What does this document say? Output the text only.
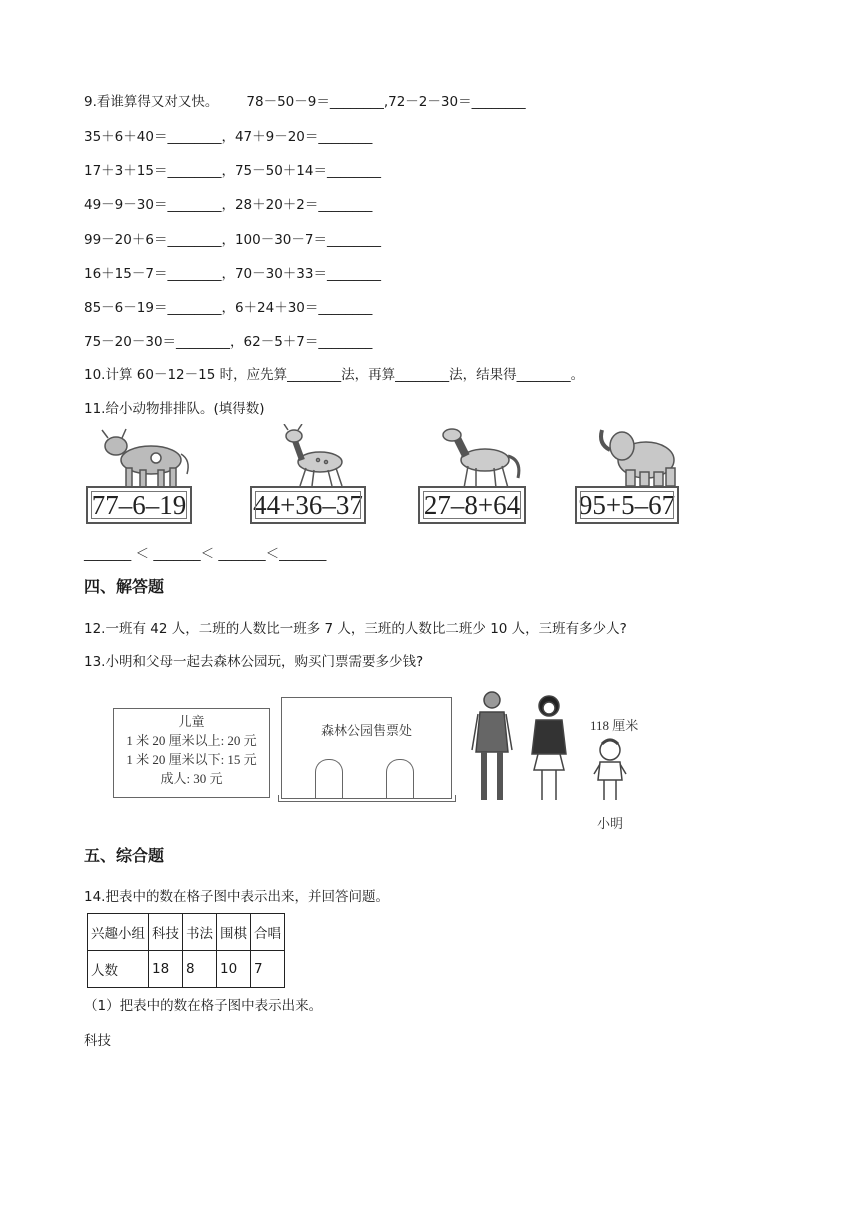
9.看谁算得又对又快。 78－50－9＝________,72－2－30＝________
35＋6＋40＝________，47＋9－20＝________
17＋3＋15＝________，75－50＋14＝________
49－9－30＝________，28＋20＋2＝________
99－20＋6＝________，100－30－7＝________
16＋15－7＝________，70－30＋33＝________
85－6－19＝________，6＋24＋30＝________
75－20－30＝________，62－5＋7＝________
10.计算 60－12－15 时，应先算________法，再算________法，结果得________。
11.给小动物排排队。(填得数)
77–6–19 44+36–37 27–8+64 95+5–67
_______ ＜ _______＜ _______＜_______
四、解答题
12.一班有 42 人，二班的人数比一班多 7 人，三班的人数比二班少 10 人，三班有多少人?
13.小明和父母一起去森林公园玩，购买门票需要多少钱?
儿童
1 米 20 厘米以上: 20 元
1 米 20 厘米以下: 15 元
成人: 30 元
森林公园售票处	118 厘米
小明
五、综合题
14.把表中的数在格子图中表示出来，并回答问题。
兴趣小组	科技	书法	围棋	合唱
人数	18	8	10	7
（1）把表中的数在格子图中表示出来。
科技
